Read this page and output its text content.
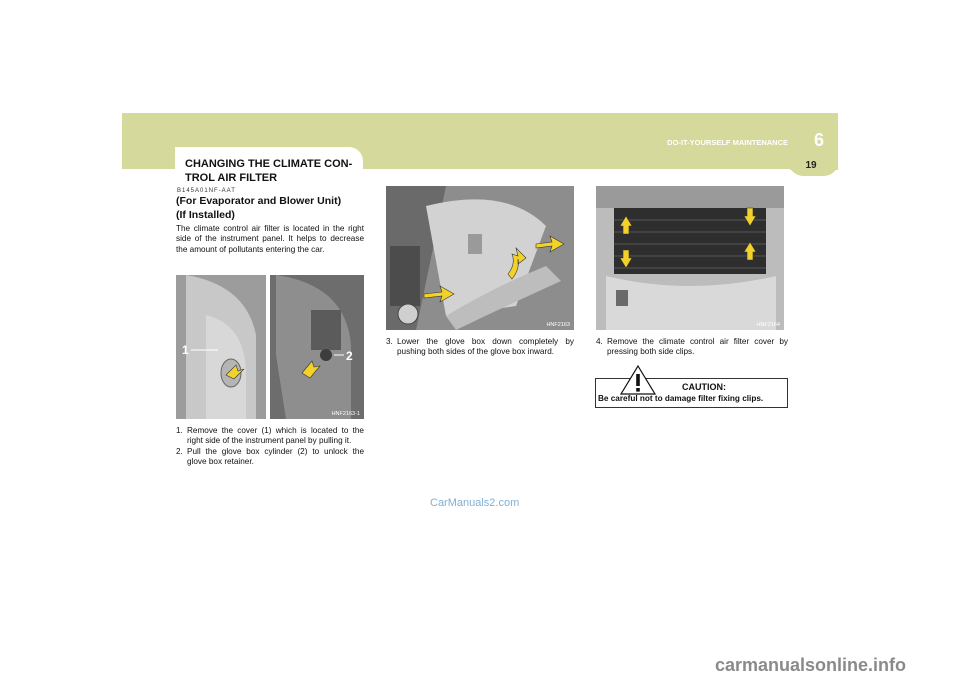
DO-IT-YOURSELF MAINTENANCE 6
19
CHANGING THE CLIMATE CON-TROL AIR FILTER
B145A01NF-AAT
(For Evaporator and Blower Unit)
(If Installed)
The climate control air filter is located in the right side of the instrument panel. It helps to decrease the amount of pollutants entering the car.
1	2
HNF2163-1
1. Remove the cover (1) which is located to the right side of the instrument panel by pulling it.
2. Pull the glove box cylinder (2) to unlock the glove box retainer.
HNF2163
3. Lower the glove box down completely by pushing both sides of the glove box inward.
HNF2164
4. Remove the climate control air filter cover by pressing both side clips.
CAUTION:
Be careful not to damage filter fixing clips.
CarManuals2.com
carmanualsonline.info
